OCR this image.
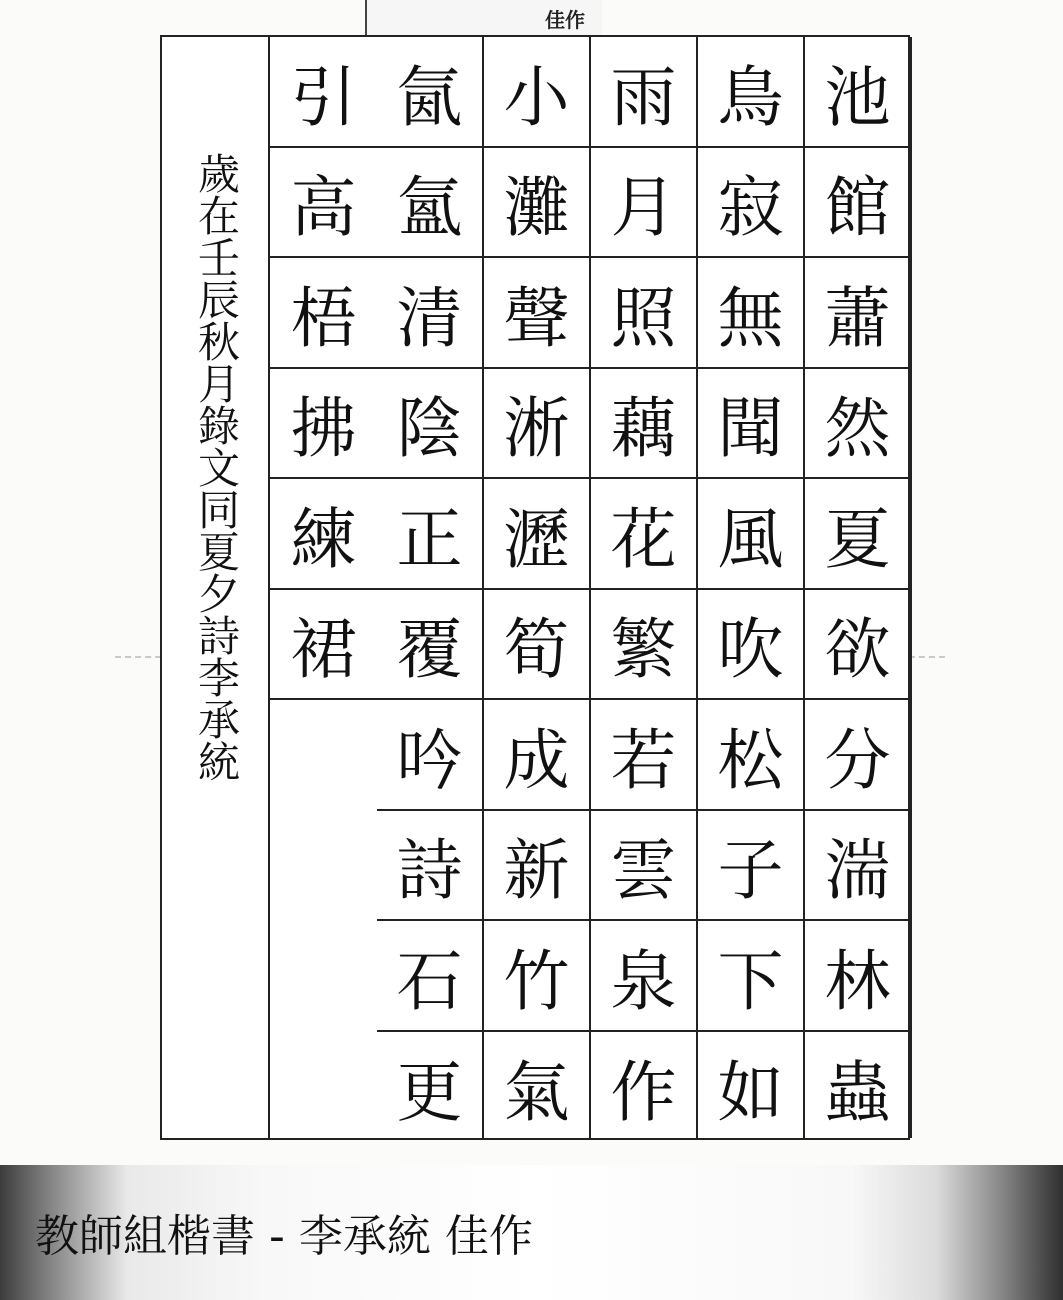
佳作
歲在壬辰秋月錄文同夏夕詩李承統
池
館
蕭
然
夏
欲
分
湍
林
蟲
鳥
寂
無
聞
風
吹
松
子
下
如
雨
月
照
藕
花
繁
若
雲
泉
作
小
灘
聲
淅
瀝
筍
成
新
竹
氣
氤
氳
清
陰
正
覆
吟
詩
石
更
引
高
梧
拂
練
裙
教師組楷書 - 李承統 佳作
